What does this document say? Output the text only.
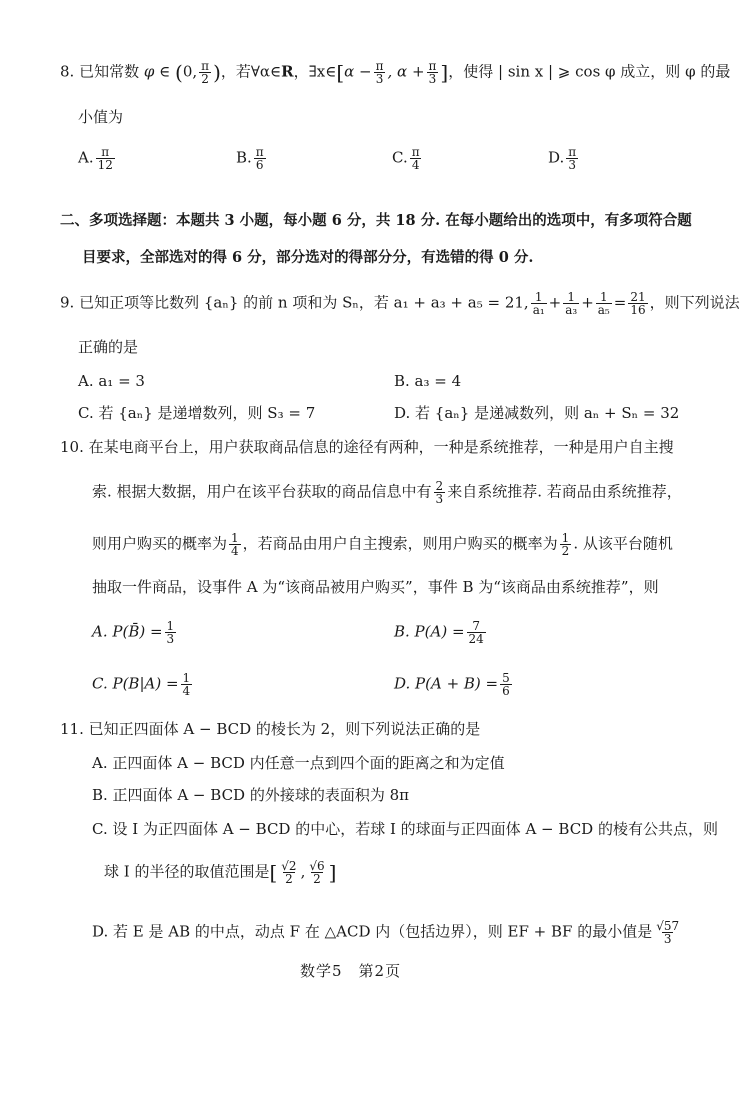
8. 已知常数 φ ∈ (0, $\frac{\pi}{2}$ )，若∀α∈R，∃x∈[α − $\frac{\pi}{3}$ , $\alpha + \frac{\pi}{3}$ ]，使得 | sin x | ⩾ cos φ 成立，则 φ 的最
小值为
A. $\frac{\pi}{12}$	B. $\frac{\pi}{6}$	C. $\frac{\pi}{4}$	D. $\frac{\pi}{3}$
二、多项选择题：本题共 3 小题，每小题 6 分，共 18 分. 在每小题给出的选项中，有多项符合题
目要求，全部选对的得 6 分，部分选对的得部分分，有选错的得 0 分.
9. 已知正项等比数列 {aₙ} 的前 n 项和为 Sₙ，若 a₁ + a₃ + a₅ = 21, $\frac{1}{\text{a₁}} + \frac{1}{\text{a₃}} + \frac{1}{\text{a₅}} = \frac{21}{16}$ ，则下列说法
正确的是
A. a₁ = 3	B. a₃ = 4
C. 若 {aₙ} 是递增数列，则 S₃ = 7	D. 若 {aₙ} 是递减数列，则 aₙ + Sₙ = 32
10. 在某电商平台上，用户获取商品信息的途径有两种，一种是系统推荐，一种是用户自主搜
索. 根据大数据，用户在该平台获取的商品信息中有 $\frac{2}{3}$ 来自系统推荐. 若商品由系统推荐，
则用户购买的概率为 $\frac{1}{4}$ ，若商品由用户自主搜索，则用户购买的概率为 $\frac{1}{2}$ . 从该平台随机
抽取一件商品，设事件 A 为“该商品被用户购买”，事件 B 为“该商品由系统推荐”，则
A. P(B̄) = $\frac{1}{3}$	B. $P(A) = \frac{7}{24}$
C. $P(B|A) = \frac{1}{4}$	D. $P(A + B) = \frac{5}{6}$
11. 已知正四面体 A − BCD 的棱长为 2，则下列说法正确的是
A. 正四面体 A − BCD 内任意一点到四个面的距离之和为定值
B. 正四面体 A − BCD 的外接球的表面积为 8π
C. 设 I 为正四面体 A − BCD 的中心，若球 I 的球面与正四面体 A − BCD 的棱有公共点，则
球 I 的半径的取值范围是[ $\frac{√2}{2}$ , $\frac{√6}{2}$ ]
D. 若 E 是 AB 的中点，动点 F 在 △ACD 内（包括边界），则 EF + BF 的最小值是 $\frac{√57}{3}$
数学5　第2页
